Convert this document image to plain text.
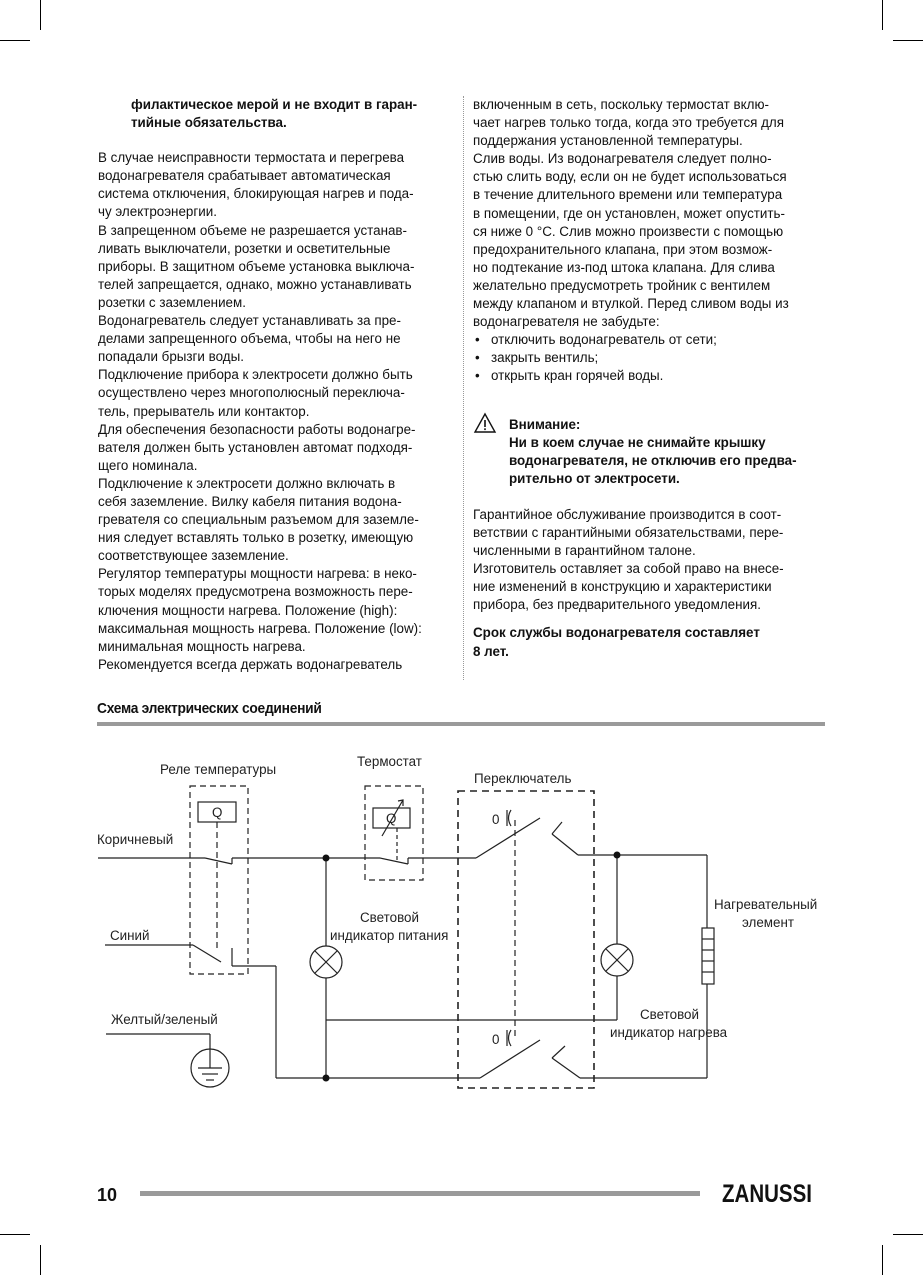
филактическое мерой и не входит в гаран-

тийные обязательства.

В случае неисправности термостата и перегрева

водонагревателя срабатывает автоматическая

система отключения, блокирующая нагрев и пода-

чу электроэнергии.

В запрещенном объеме не разрешается устанав-

ливать выключатели, розетки и осветительные

приборы. В защитном объеме установка выключа-

телей запрещается, однако, можно устанавливать

розетки с заземлением.

Водонагреватель следует устанавливать за пре-

делами запрещенного объема, чтобы на него не

попадали брызги воды.

Подключение прибора к электросети должно быть

осуществлено через многополюсный переключа-

тель, прерыватель или контактор.

Для обеспечения безопасности работы водонагре-

вателя должен быть установлен автомат подходя-

щего номинала.

Подключение к электросети должно включать в

себя заземление. Вилку кабеля питания водона-

гревателя со специальным разъемом для заземле-

ния следует вставлять только в розетку, имеющую

соответствующее заземление.

Регулятор температуры мощности нагрева: в неко-

торых моделях предусмотрена возможность пере-

ключения мощности нагрева. Положение (high):

максимальная мощность нагрева. Положение (low):

минимальная мощность нагрева.

Рекомендуется всегда держать водонагреватель

включенным в сеть, поскольку термостат вклю-

чает нагрев только тогда, когда это требуется для

поддержания установленной температуры.

Слив воды. Из водонагревателя следует полно-

стью слить воду, если он не будет использоваться

в течение длительного времени или температура

в помещении, где он установлен, может опустить-

ся ниже 0 °C. Слив можно произвести с помощью

предохранительного клапана, при этом возмож-

но подтекание из-под штока клапана. Для слива

желательно предусмотреть тройник с вентилем

между клапаном и втулкой. Перед сливом воды из

водонагревателя не забудьте:

• отключить водонагреватель от сети;

• закрыть вентиль;

• открыть кран горячей воды.

Внимание:

Ни в коем случае не снимайте крышку

водонагревателя, не отключив его предва-

рительно от электросети.

Гарантийное обслуживание производится в соот-

ветствии с гарантийными обязательствами, пере-

численными в гарантийном талоне.

Изготовитель оставляет за собой право на внесе-

ние изменений в конструкцию и характеристики

прибора, без предварительного уведомления.

Срок службы водонагревателя составляет

8 лет.

Схема электрических соединений
Реле температуры
Термостат
Переключатель
Q	Q
Коричневый
Синий
Желтый/зеленый
Световой
индикатор питания
Нагревательный
элемент
Световой
индикатор нагрева
0
0
10	ZANUSSI
